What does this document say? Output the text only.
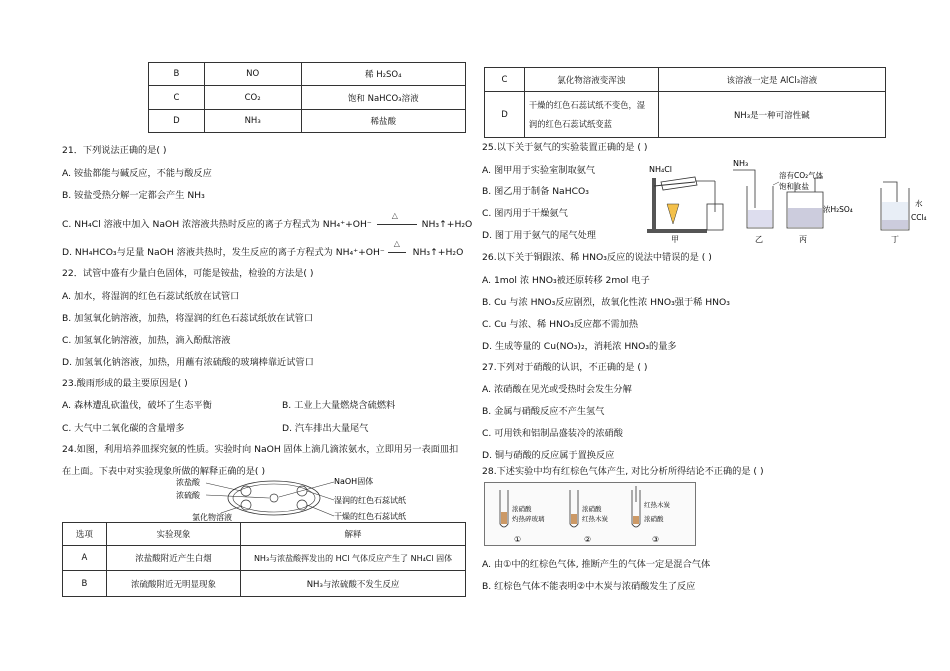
B	NO	稀 H₂SO₄
C	CO₂	饱和 NaHCO₃溶液
D	NH₃	稀盐酸
21．下列说法正确的是( )
A. 铵盐都能与碱反应，不能与酸反应
B. 铵盐受热分解一定都会产生 NH₃
C. NH₄Cl 溶液中加入 NaOH 浓溶液共热时反应的离子方程式为 NH₄⁺+OH⁻
△
NH₃↑+H₂O
D. NH₄HCO₃与足量 NaOH 溶液共热时，发生反应的离子方程式为 NH₄⁺+OH⁻
△
NH₃↑+H₂O
22．试管中盛有少量白色固体，可能是铵盐，检验的方法是( )
A. 加水，将湿润的红色石蕊试纸放在试管口
B. 加氢氧化钠溶液，加热，将湿润的红色石蕊试纸放在试管口
C. 加氢氧化钠溶液，加热，滴入酚酞溶液
D. 加氢氧化钠溶液，加热，用蘸有浓硫酸的玻璃棒靠近试管口
23.酸雨形成的最主要原因是( )
A. 森林遭乱砍滥伐，破坏了生态平衡	B. 工业上大量燃烧含硫燃料
C. 大气中二氧化碳的含量增多	D. 汽车排出大量尾气
24.如图，利用培养皿探究氨的性质。实验时向 NaOH 固体上滴几滴浓氨水，立即用另一表面皿扣
在上面。下表中对实验现象所做的解释正确的是( )
浓盐酸
浓硫酸
氯化物溶液
NaOH固体
湿润的红色石蕊试纸
干燥的红色石蕊试纸
选项	实验现象	解释
A	浓盐酸附近产生白烟	NH₃与浓盐酸挥发出的 HCl 气体反应产生了 NH₄Cl 固体
B	浓硫酸附近无明显现象	NH₃与浓硫酸不发生反应
C	氯化物溶液变浑浊	该溶液一定是 AlCl₃溶液
D	干燥的红色石蕊试纸不变色，湿
润的红色石蕊试纸变蓝	NH₃是一种可溶性碱
25.以下关于氨气的实验装置正确的是 ( )
A. 图甲用于实验室制取氨气
B. 图乙用于制备 NaHCO₃
C. 图丙用于干燥氨气
D. 图丁用于氨气的尾气处理
NH₄Cl
甲
NH₃
溶有CO₂气体
饱和食盐
乙
浓H₂SO₄
丙
水
CCl₄
丁
26.以下关于铜跟浓、稀 HNO₃反应的说法中错误的是 ( )
A. 1mol 浓 HNO₃被还原转移 2mol 电子
B. Cu 与浓 HNO₃反应剧烈，故氧化性浓 HNO₃强于稀 HNO₃
C. Cu 与浓、稀 HNO₃反应都不需加热
D. 生成等量的 Cu(NO₃)₂，消耗浓 HNO₃的量多
27.下列对于硝酸的认识，不正确的是 ( )
A. 浓硝酸在见光或受热时会发生分解
B. 金属与硝酸反应不产生氢气
C. 可用铁和铝制品盛装冷的浓硝酸
D. 铜与硝酸的反应属于置换反应
28.下述实验中均有红棕色气体产生, 对比分析所得结论不正确的是 ( )
浓硝酸
灼热碎玻璃
①
浓硝酸
红热木炭
②
红热木炭
浓硝酸
③
A. 由①中的红棕色气体, 推断产生的气体一定是混合气体
B. 红棕色气体不能表明②中木炭与浓硝酸发生了反应
